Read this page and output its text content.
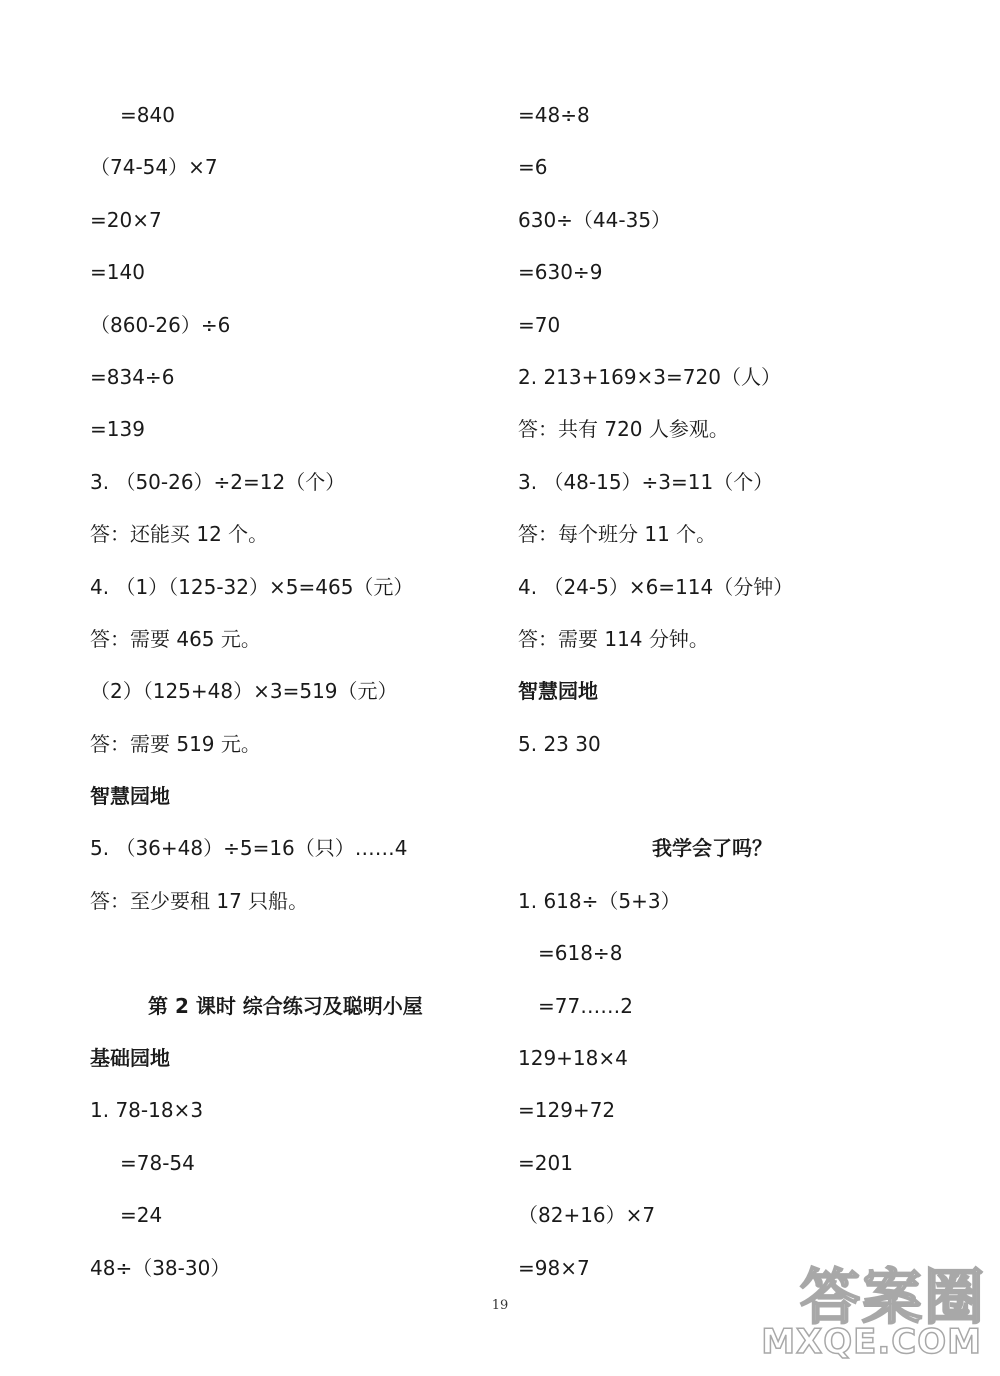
=840
（74-54）×7
=20×7
=140
（860-26）÷6
=834÷6
=139
3. （50-26）÷2=12（个）
答：还能买 12 个。
4. （1）（125-32）×5=465（元）
答：需要 465 元。
（2）（125+48）×3=519（元）
答：需要 519 元。
智慧园地
5. （36+48）÷5=16（只）……4
答：至少要租 17 只船。
第 2 课时 综合练习及聪明小屋
基础园地
1. 78-18×3
=78-54
=24
48÷（38-30）
=48÷8
=6
630÷（44-35）
=630÷9
=70
2. 213+169×3=720（人）
答：共有 720 人参观。
3. （48-15）÷3=11（个）
答：每个班分 11 个。
4. （24-5）×6=114（分钟）
答：需要 114 分钟。
智慧园地
5. 23 30
我学会了吗？
1. 618÷（5+3）
=618÷8
=77……2
129+18×4
=129+72
=201
（82+16）×7
=98×7
19	答案圈
MXQE.COM
